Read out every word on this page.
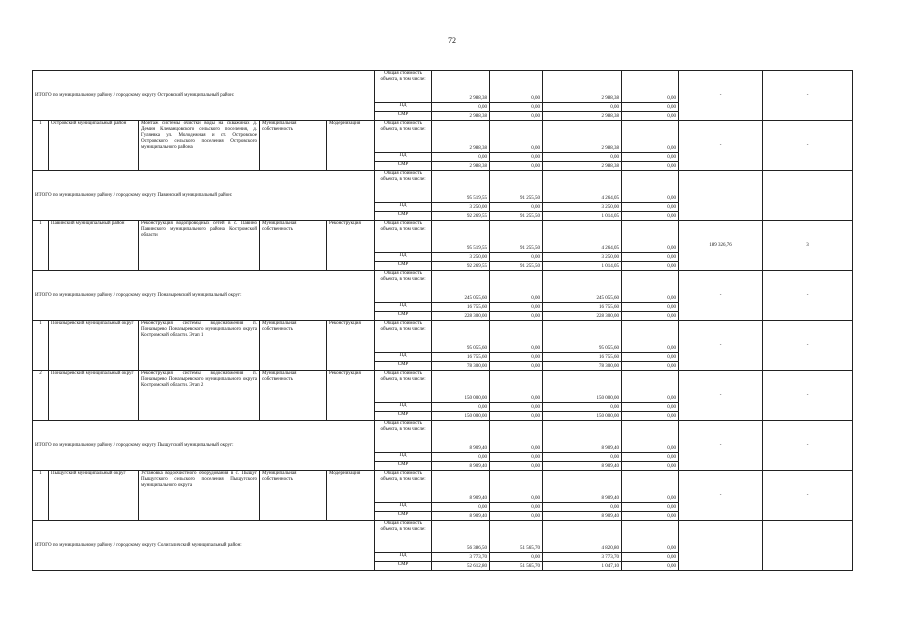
72
ИТОГО по муниципальному району / городскому округу Островский муниципальный район:					Общая стоимость объекта, в том числе:	2 988,38	0,00	2 988,38	0,00	-	-
					ПД	0,00	0,00	0,00	0,00		
					СМР	2 988,38	0,00	2 988,38	0,00		
1	Островский муниципальный район	Монтаж системы очистки воды на скважинах д. Демин Клеванцовского сельского поселения, д. Гуляевка ул. Молодежная и ст. Островское Островского сельского поселения Островского муниципального района	Муниципальная собственность	Модернизация	Общая стоимость объекта, в том числе:	2 988,38	0,00	2 988,38	0,00	-	-
					ПД	0,00	0,00	0,00	0,00		
					СМР	2 988,38	0,00	2 988,38	0,00		
ИТОГО по муниципальному району / городскому округу Павинский муниципальный район:					Общая стоимость объекта, в том числе:	95 519,55	91 255,50	4 264,05	0,00		
					ПД	3 250,00	0,00	3 250,00	0,00		
					СМР	92 269,55	91 255,50	1 014,05	0,00		
1	Павинский муниципальный район	Реконструкция водопроводных сетей в с. Павино Павинского муниципального района Костромской области	Муниципальная собственность	Реконструкция	Общая стоимость объекта, в том числе:	95 519,55	91 255,50	4 264,05	0,00	189 326,76	3
					ПД	3 250,00	0,00	3 250,00	0,00		
					СМР	92 269,55	91 255,50	1 014,05	0,00		
ИТОГО по муниципальному району / городскому округу Поназыревский муниципальный округ:					Общая стоимость объекта, в том числе:	245 055,60	0,00	245 055,60	0,00	-	-
					ПД	16 755,60	0,00	16 755,60	0,00		
					СМР	228 300,00	0,00	228 300,00	0,00		
1	Поназыревский муниципальный округ	Реконструкция системы водоснабжения п. Поназырево Поназыревского муниципального округа Костромской области. Этап 1	Муниципальная собственность	Реконструкция	Общая стоимость объекта, в том числе:	95 055,60	0,00	95 055,60	0,00	-	-
					ПД	16 755,60	0,00	16 755,60	0,00		
					СМР	78 300,00	0,00	78 300,00	0,00		
2	Поназыревский муниципальный округ	Реконструкция системы водоснабжения п. Поназырево Поназыревского муниципального округа Костромской области. Этап 2	Муниципальная собственность	Реконструкция	Общая стоимость объекта, в том числе:	150 000,00	0,00	150 000,00	0,00	-	-
					ПД	0,00	0,00	0,00	0,00		
					СМР	150 000,00	0,00	150 000,00	0,00		
ИТОГО по муниципальному району / городскому округу Пыщугский муниципальный округ:					Общая стоимость объекта, в том числе:	8 909,40	0,00	8 909,40	0,00	-	-
					ПД	0,00	0,00	0,00	0,00		
					СМР	8 909,40	0,00	8 909,40	0,00		
1	Пыщугский муниципальный округ	Установка водоочистного оборудования в с. Пыщуг Пыщугского сельского поселения Пыщугского муниципального округа	Муниципальная собственность	Модернизация	Общая стоимость объекта, в том числе:	8 909,40	0,00	8 909,40	0,00	-	-
					ПД	0,00	0,00	0,00	0,00		
					СМР	8 909,40	0,00	8 909,40	0,00		
ИТОГО по муниципальному району / городскому округу Солигаличский муниципальный район:					Общая стоимость объекта, в том числе:	56 386,50	51 565,70	4 820,80	0,00		
					ПД	3 773,70	0,00	3 773,70	0,00		
					СМР	52 612,80	51 565,70	1 047,10	0,00		
